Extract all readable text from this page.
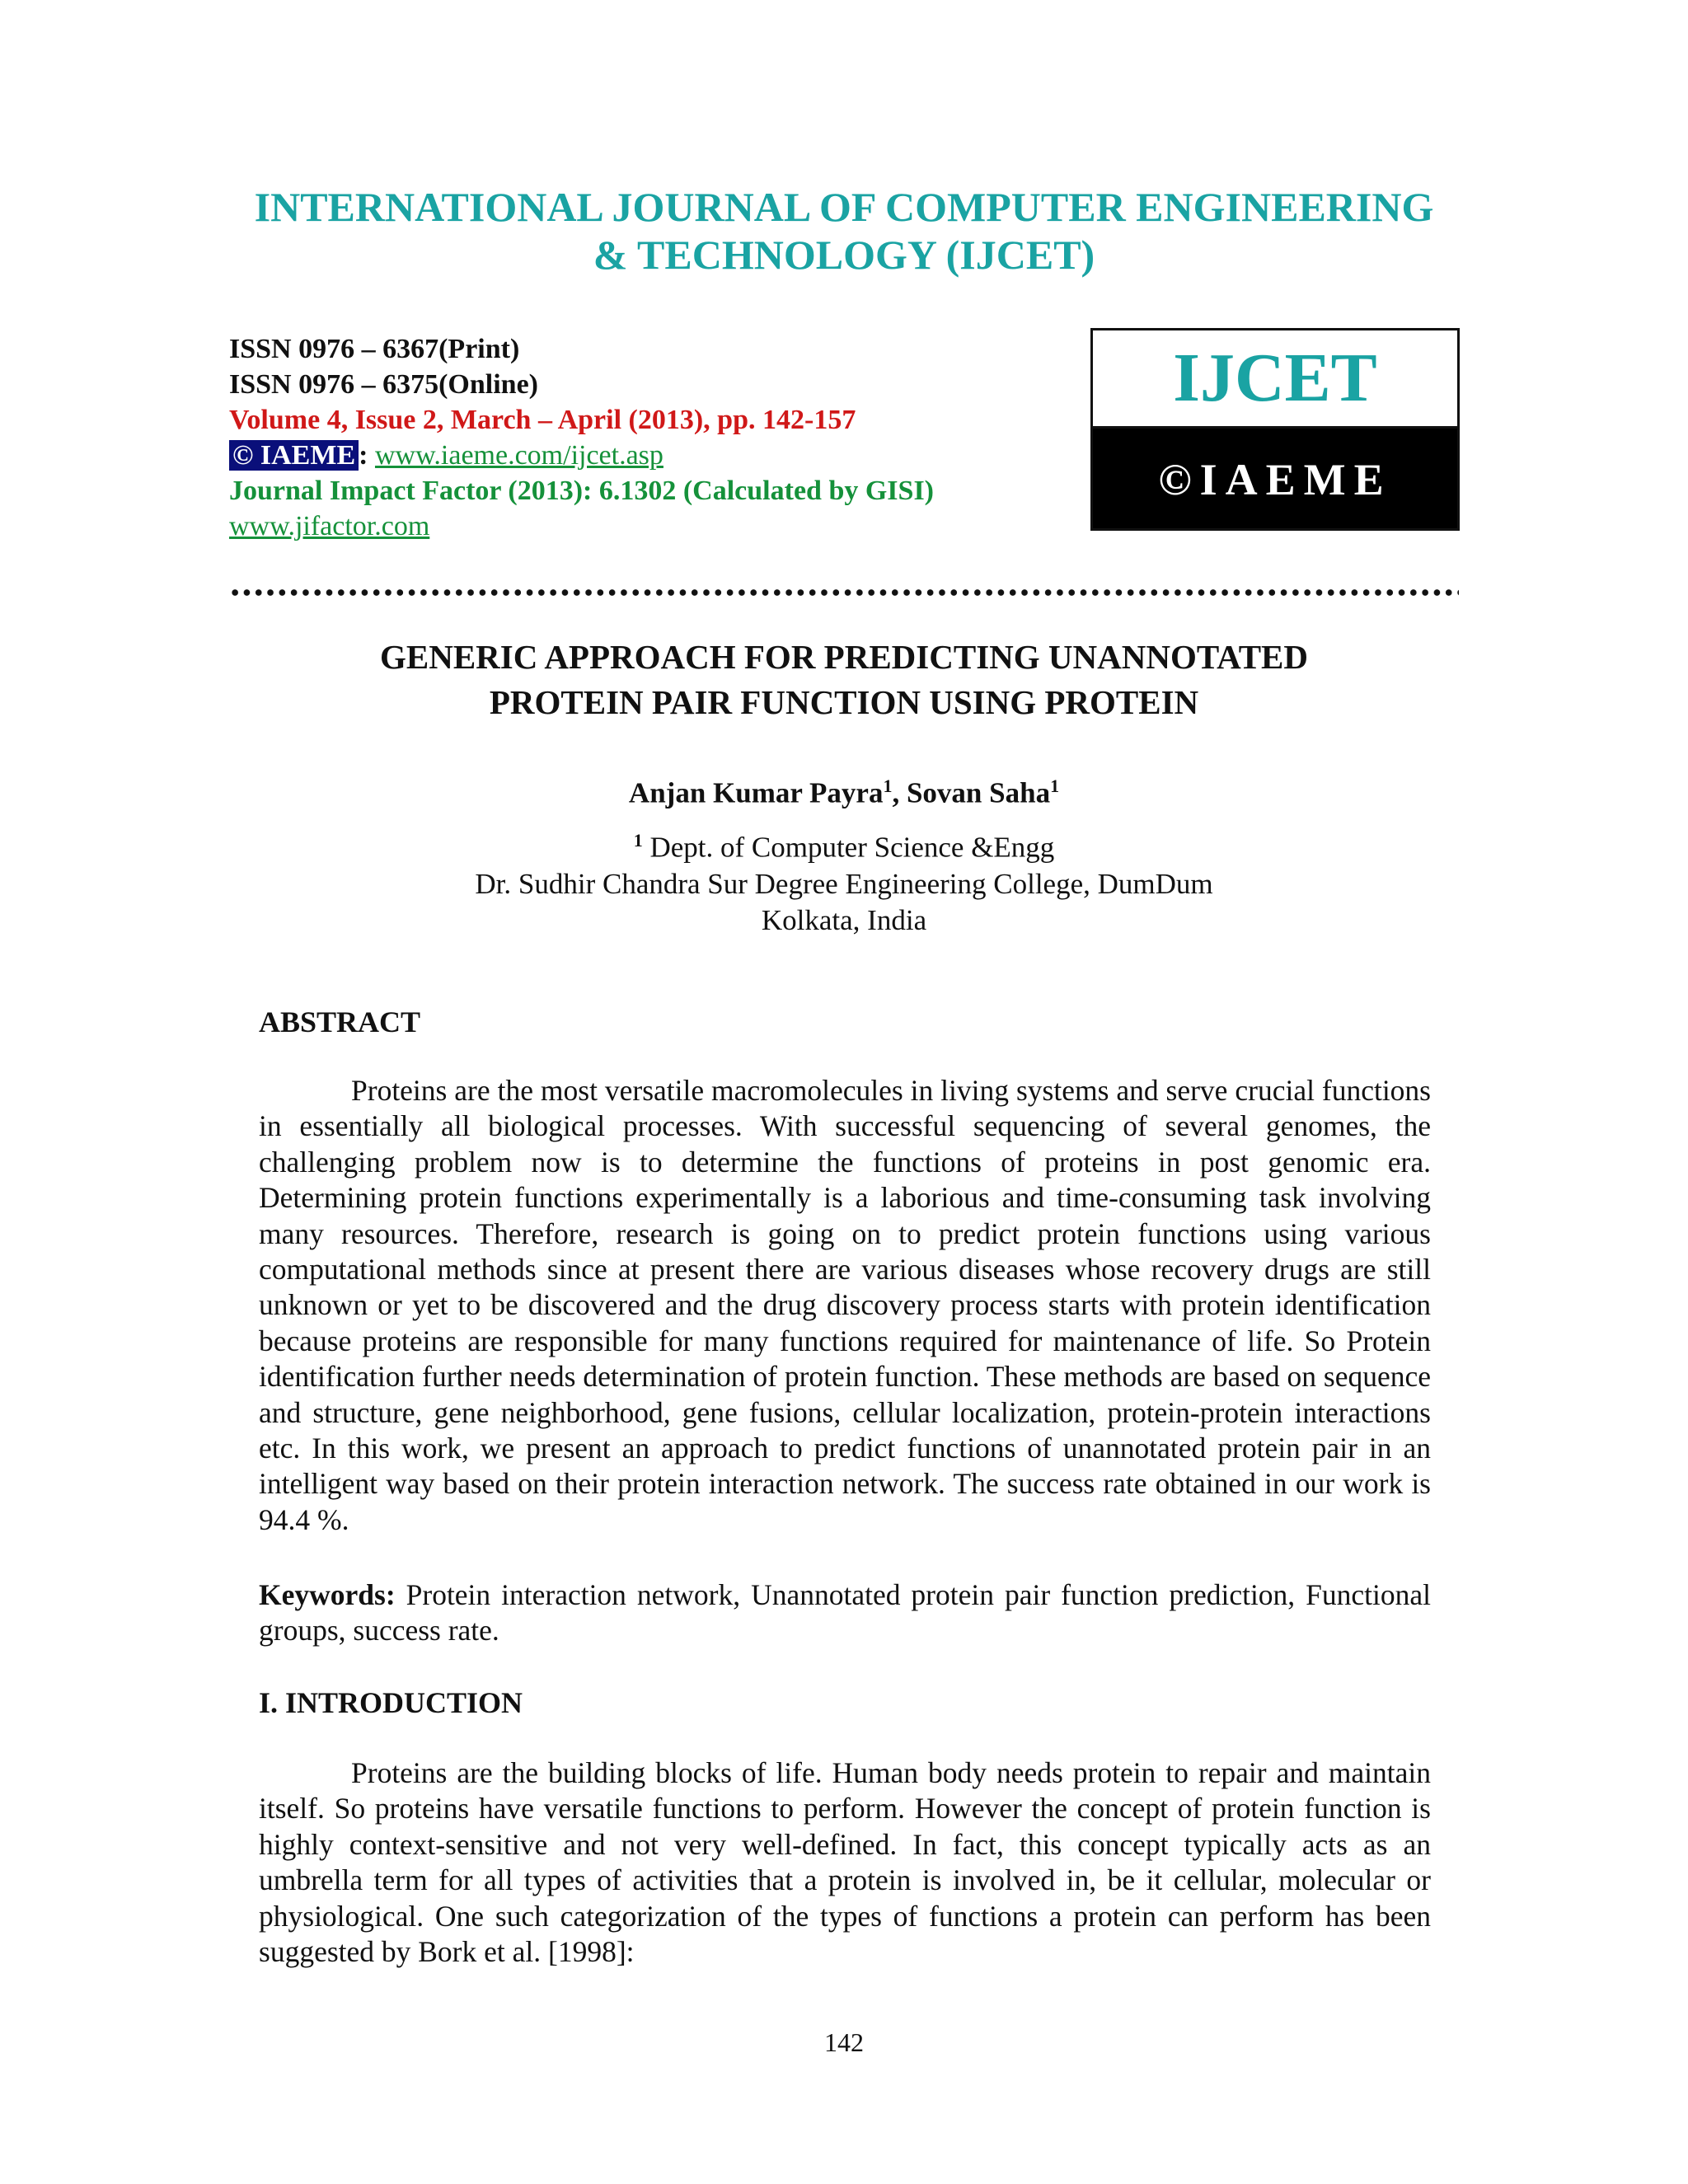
INTERNATIONAL JOURNAL OF COMPUTER ENGINEERING
& TECHNOLOGY (IJCET)
ISSN 0976 – 6367(Print)
ISSN 0976 – 6375(Online)
Volume 4, Issue 2, March – April (2013), pp. 142-157
© IAEME : www.iaeme.com/ijcet.asp
Journal Impact Factor (2013): 6.1302 (Calculated by GISI)
www.jifactor.com
IJCET
©IAEME
GENERIC APPROACH FOR PREDICTING UNANNOTATED
PROTEIN PAIR FUNCTION USING PROTEIN
Anjan Kumar Payra$^1$, Sovan Saha$^1$
$^1$ Dept. of Computer Science &Engg
Dr. Sudhir Chandra Sur Degree Engineering College, DumDum
Kolkata, India
ABSTRACT
Proteins are the most versatile macromolecules in living systems and serve crucial functions in essentially all biological processes. With successful sequencing of several genomes, the challenging problem now is to determine the functions of proteins in post genomic era. Determining protein functions experimentally is a laborious and time-consuming task involving many resources. Therefore, research is going on to predict protein functions using various computational methods since at present there are various diseases whose recovery drugs are still unknown or yet to be discovered and the drug discovery process starts with protein identification because proteins are responsible for many functions required for maintenance of life. So Protein identification further needs determination of protein function. These methods are based on sequence and structure, gene neighborhood, gene fusions, cellular localization, protein-protein interactions etc. In this work, we present an approach to predict functions of unannotated protein pair in an intelligent way based on their protein interaction network. The success rate obtained in our work is 94.4 %.
Keywords: Protein interaction network, Unannotated protein pair function prediction, Functional groups, success rate.
I. INTRODUCTION
Proteins are the building blocks of life. Human body needs protein to repair and maintain itself. So proteins have versatile functions to perform. However the concept of protein function is highly context-sensitive and not very well-defined. In fact, this concept typically acts as an umbrella term for all types of activities that a protein is involved in, be it cellular, molecular or physiological. One such categorization of the types of functions a protein can perform has been suggested by Bork et al. [1998]:
142
